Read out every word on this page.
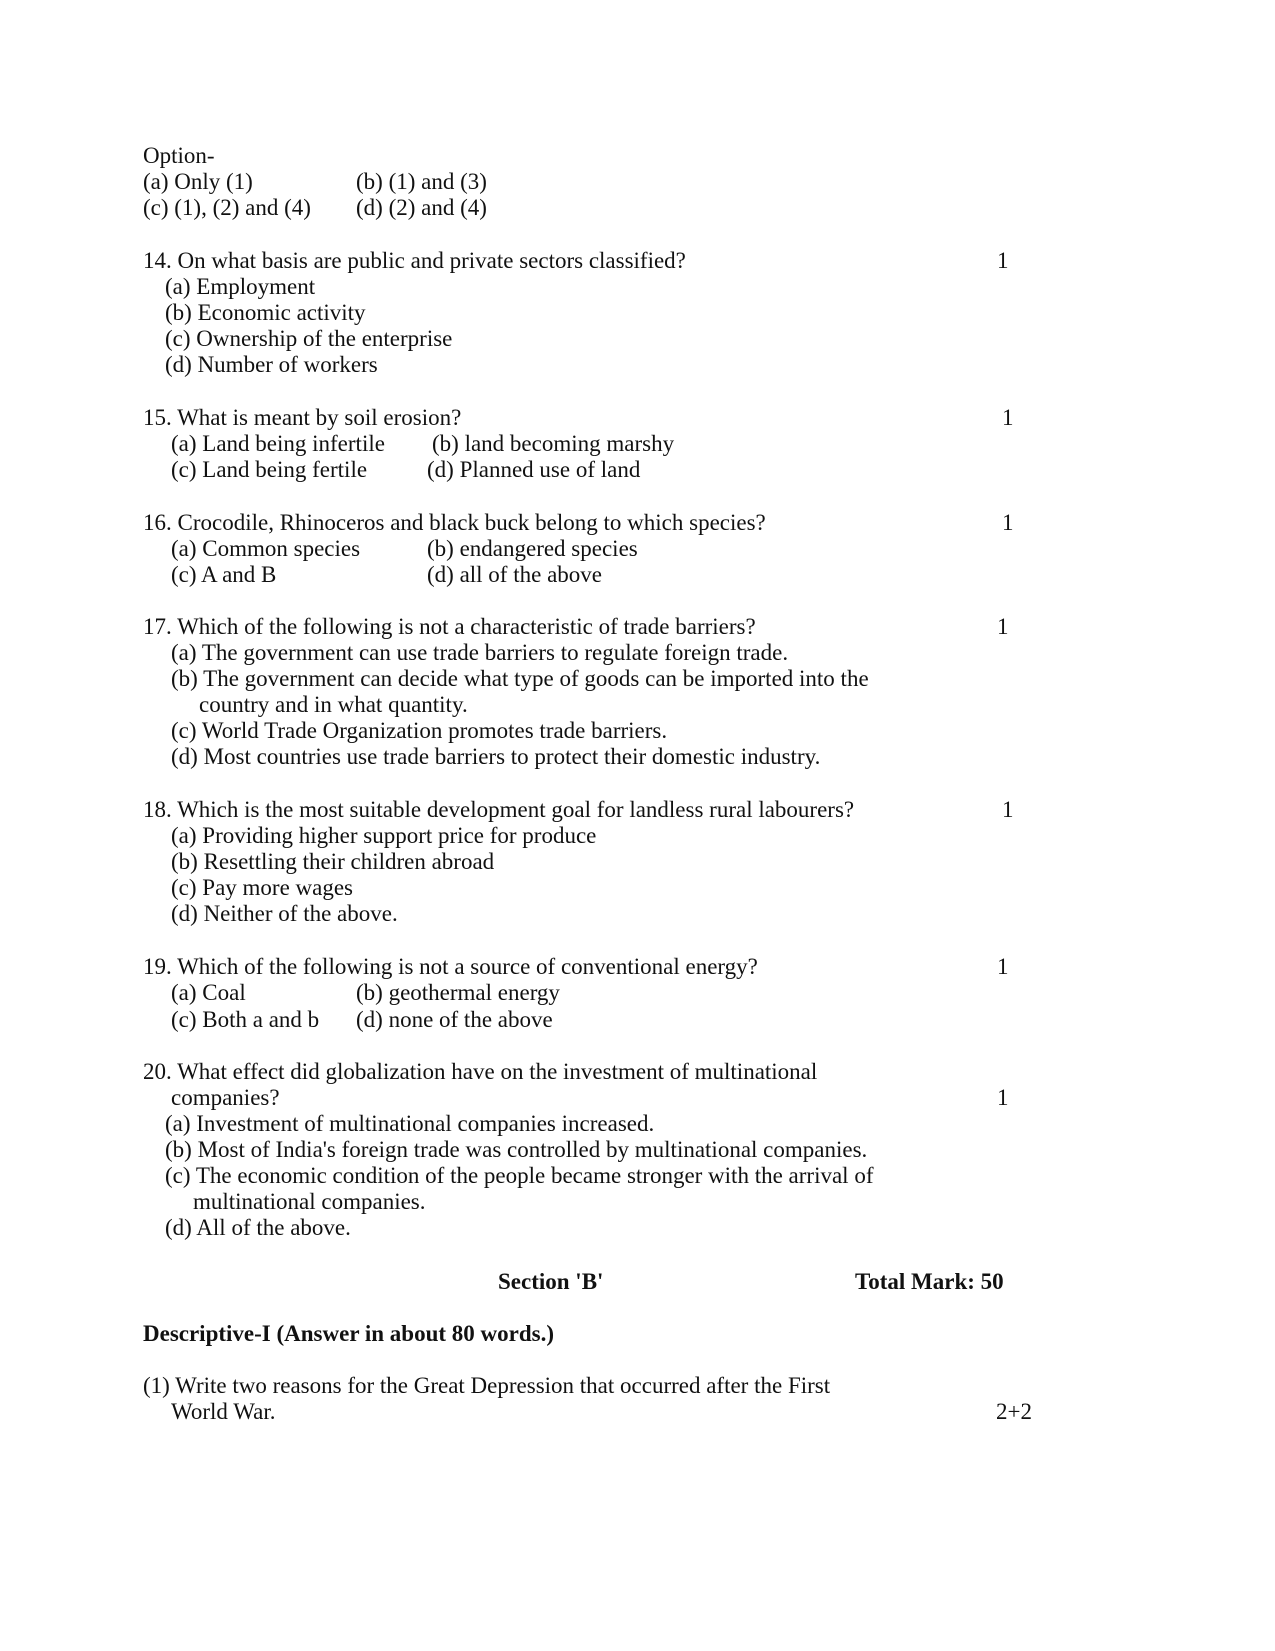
Option-
(a) Only (1)	(b) (1) and (3)
(c) (1), (2) and (4) (d) (2) and (4)
14. On what basis are public and private sectors classified?	1
(a) Employment
(b) Economic activity
(c) Ownership of the enterprise
(d) Number of workers
15. What is meant by soil erosion?	1
(a) Land being infertile (b) land becoming marshy
(c) Land being fertile	(d) Planned use of land
16. Crocodile, Rhinoceros and black buck belong to which species?	1
(a) Common species	(b) endangered species
(c) A and B	(d) all of the above
17. Which of the following is not a characteristic of trade barriers?	1
(a) The government can use trade barriers to regulate foreign trade.
(b) The government can decide what type of goods can be imported into the
country and in what quantity.
(c) World Trade Organization promotes trade barriers.
(d) Most countries use trade barriers to protect their domestic industry.
18. Which is the most suitable development goal for landless rural labourers?	1
(a) Providing higher support price for produce
(b) Resettling their children abroad
(c) Pay more wages
(d) Neither of the above.
19. Which of the following is not a source of conventional energy?	1
(a) Coal	(b) geothermal energy
(c) Both a and b (d) none of the above
20. What effect did globalization have on the investment of multinational
companies?	1
(a) Investment of multinational companies increased.
(b) Most of India's foreign trade was controlled by multinational companies.
(c) The economic condition of the people became stronger with the arrival of
multinational companies.
(d) All of the above.
Section 'B'	Total Mark: 50
Descriptive-I (Answer in about 80 words.)
(1) Write two reasons for the Great Depression that occurred after the First
World War.	2+2
